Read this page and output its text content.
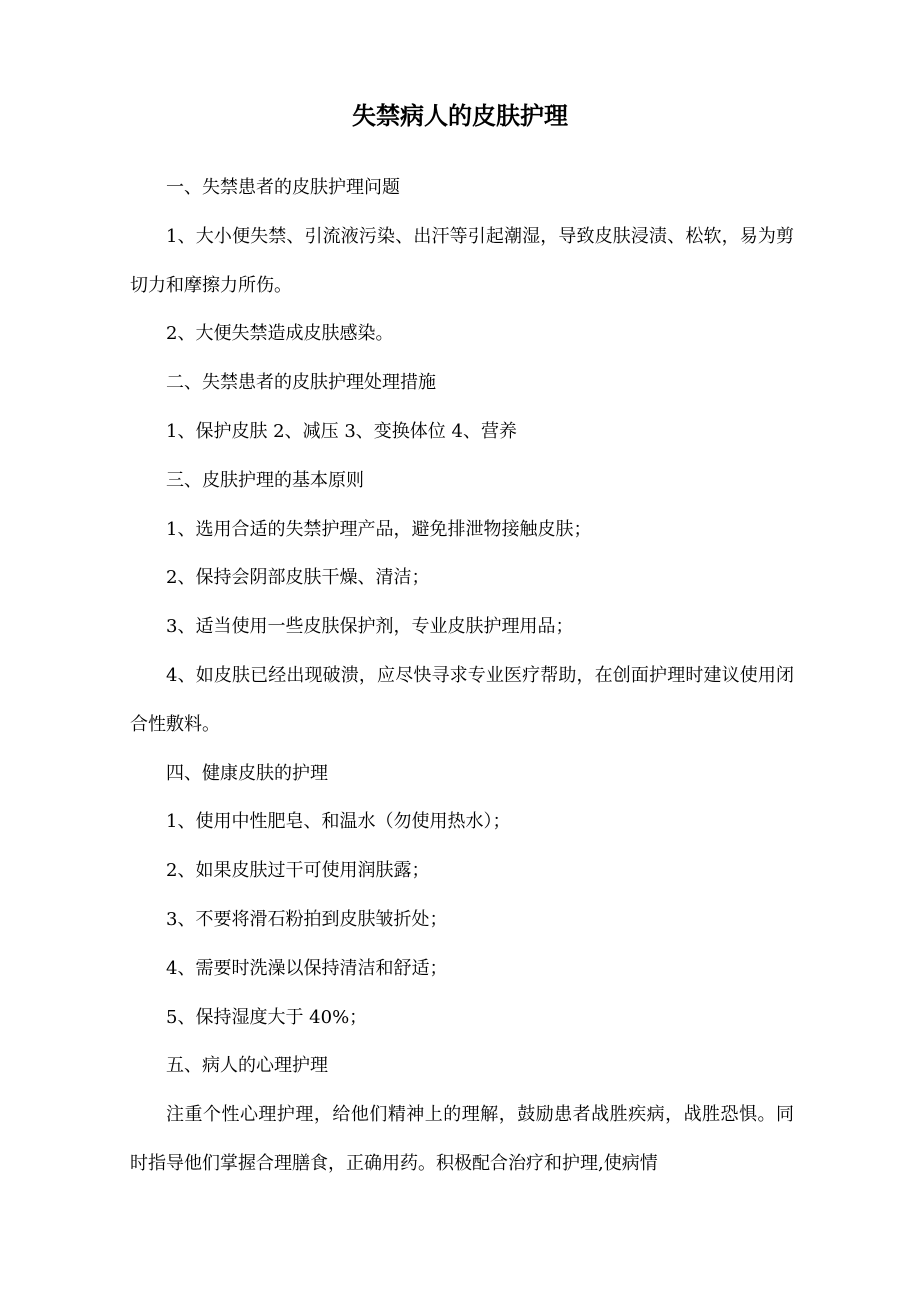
失禁病人的皮肤护理

一、失禁患者的皮肤护理问题

1、大小便失禁、引流液污染、出汗等引起潮湿，导致皮肤浸渍、松软，易为剪切力和摩擦力所伤。

2、大便失禁造成皮肤感染。

二、失禁患者的皮肤护理处理措施

1、保护皮肤 2、减压 3、变换体位 4、营养

三、皮肤护理的基本原则

1、选用合适的失禁护理产品，避免排泄物接触皮肤；

2、保持会阴部皮肤干燥、清洁；

3、适当使用一些皮肤保护剂，专业皮肤护理用品；

4、如皮肤已经出现破溃，应尽快寻求专业医疗帮助，在创面护理时建议使用闭合性敷料。

四、健康皮肤的护理

1、使用中性肥皂、和温水（勿使用热水）；

2、如果皮肤过干可使用润肤露；

3、不要将滑石粉拍到皮肤皱折处；

4、需要时洗澡以保持清洁和舒适；

5、保持湿度大于 40%；

五、病人的心理护理

注重个性心理护理，给他们精神上的理解，鼓励患者战胜疾病，战胜恐惧。同时指导他们掌握合理膳食，正确用药。积极配合治疗和护理,使病情
